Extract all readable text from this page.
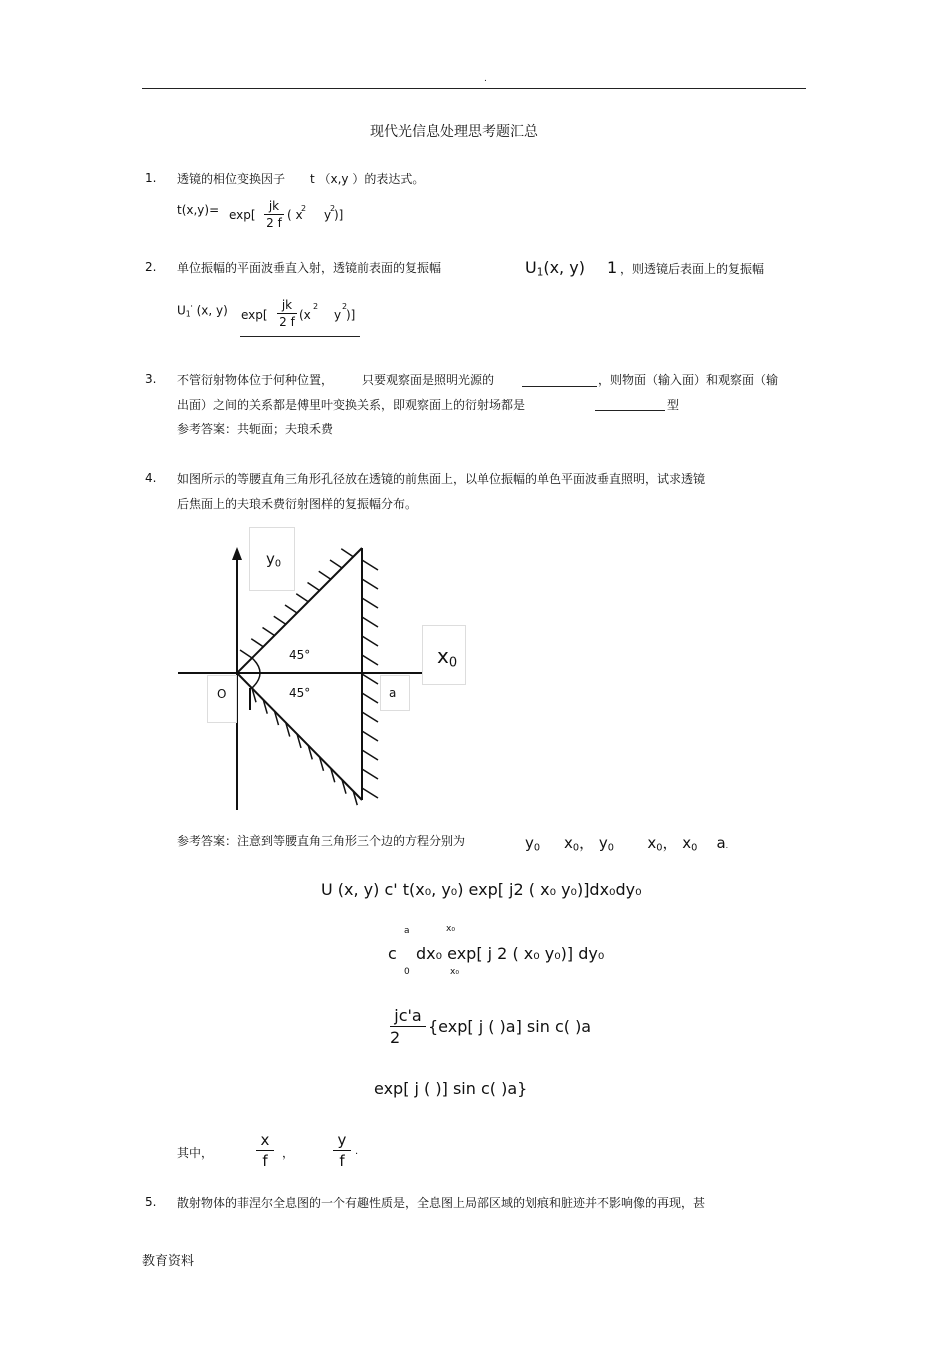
.
现代光信息处理思考题汇总
1. 透镜的相位变换因子 t （x,y ）的表达式。
t(x,y)= exp[
jk
2 f
( x
2 y
2
)]
2. 单位振幅的平面波垂直入射，透镜前表面的复振幅	$U_1(x$, y) 1 ，则透镜后表面上的复振幅
$U_1'$ (x, y) exp[
jk
2 f (x
2
y
2
)]
3. 不管衍射物体位于何种位置， 只要观察面是照明光源的	，则物面（输入面）和观察面（输
出面）之间的关系都是傅里叶变换关系，即观察面上的衍射场都是	型
参考答案：共轭面；夫琅禾费
4. 如图所示的等腰直角三角形孔径放在透镜的前焦面上，以单位振幅的单色平面波垂直照明，试求透镜
后焦面上的夫琅禾费衍射图样的复振幅分布。
$y_0$
$x_0$
45°
45°
O	a
参考答案：注意到等腰直角三角形三个边的方程分别为	$y_0$ $x_0$， $y_0$ $x_0$， $x_0$ a.
U (x, y) c' t(x₀, y₀) exp[ j2 ( x₀ y₀)]dx₀dy₀
c
a
0
dx₀ exp[ j 2 ( x₀ y₀)] dy₀
x₀
x₀
jc'a
2
{exp[ j ( )a] sin c( )a
exp[ j ( )] sin c( )a}
其中，
x
f	，
y
f
.
5. 散射物体的菲涅尔全息图的一个有趣性质是，全息图上局部区域的划痕和脏迹并不影响像的再现，甚
教育资料
